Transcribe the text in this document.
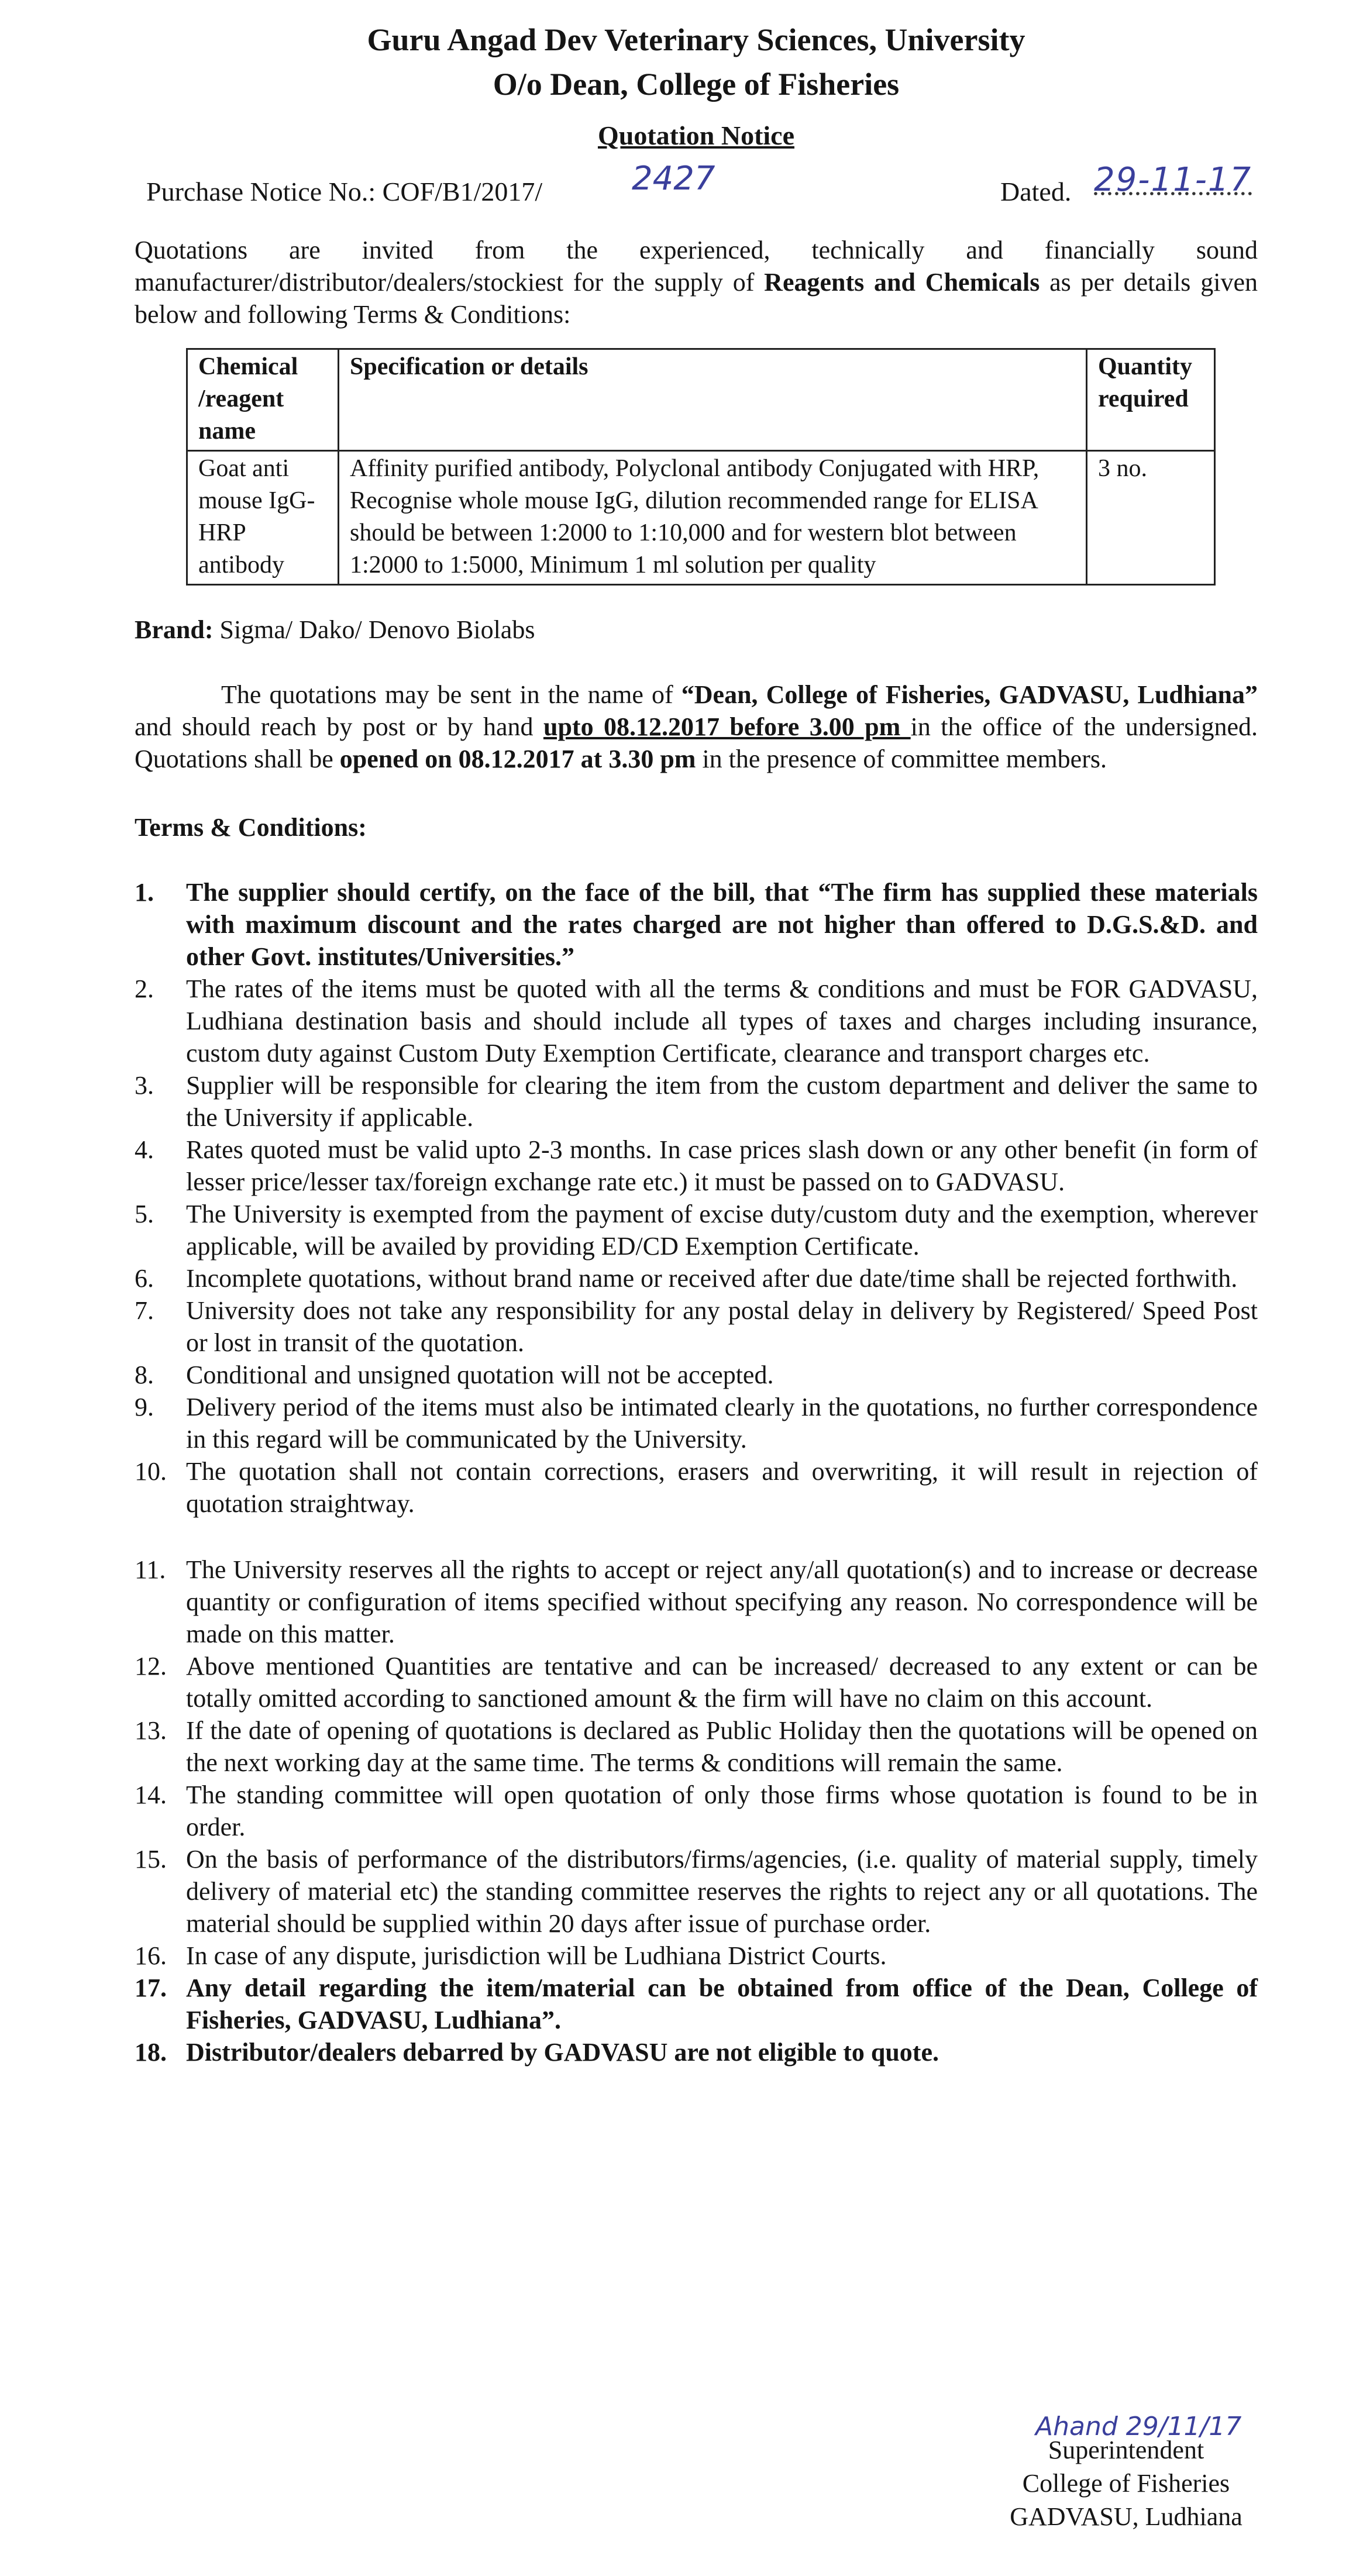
Guru Angad Dev Veterinary Sciences, University
O/o Dean, College of Fisheries
Quotation Notice
Purchase Notice No.: COF/B1/2017/	2427	Dated. 29-11-17

Quotations are invited from the experienced, technically and financially sound manufacturer/distributor/dealers/stockiest for the supply of Reagents and Chemicals as per details given below and following Terms & Conditions:

Chemical /reagent name	Specification or details	Quantity required
Goat anti mouse IgG-HRP antibody	Affinity purified antibody, Polyclonal antibody Conjugated with HRP, Recognise whole mouse IgG, dilution recommended range for ELISA should be between 1:2000 to 1:10,000 and for western blot between 1:2000 to 1:5000, Minimum 1 ml solution per quality	3 no.

Brand: Sigma/ Dako/ Denovo Biolabs

The quotations may be sent in the name of “Dean, College of Fisheries, GADVASU, Ludhiana” and should reach by post or by hand upto 08.12.2017 before 3.00 pm in the office of the undersigned. Quotations shall be opened on 08.12.2017 at 3.30 pm in the presence of committee members.

Terms & Conditions:
1.	The supplier should certify, on the face of the bill, that “The firm has supplied these materials with maximum discount and the rates charged are not higher than offered to D.G.S.&D. and other Govt. institutes/Universities.”
2.	The rates of the items must be quoted with all the terms & conditions and must be FOR GADVASU, Ludhiana destination basis and should include all types of taxes and charges including insurance, custom duty against Custom Duty Exemption Certificate, clearance and transport charges etc.
3.	Supplier will be responsible for clearing the item from the custom department and deliver the same to the University if applicable.
4.	Rates quoted must be valid upto 2-3 months. In case prices slash down or any other benefit (in form of lesser price/lesser tax/foreign exchange rate etc.) it must be passed on to GADVASU.
5.	The University is exempted from the payment of excise duty/custom duty and the exemption, wherever applicable, will be availed by providing ED/CD Exemption Certificate.
6.	Incomplete quotations, without brand name or received after due date/time shall be rejected forthwith.
7.	University does not take any responsibility for any postal delay in delivery by Registered/ Speed Post or lost in transit of the quotation.
8.	Conditional and unsigned quotation will not be accepted.
9.	Delivery period of the items must also be intimated clearly in the quotations, no further correspondence in this regard will be communicated by the University.
10. The quotation shall not contain corrections, erasers and overwriting, it will result in rejection of quotation straightway.
11. The University reserves all the rights to accept or reject any/all quotation(s) and to increase or decrease quantity or configuration of items specified without specifying any reason. No correspondence will be made on this matter.
12. Above mentioned Quantities are tentative and can be increased/ decreased to any extent or can be totally omitted according to sanctioned amount & the firm will have no claim on this account.
13. If the date of opening of quotations is declared as Public Holiday then the quotations will be opened on the next working day at the same time. The terms & conditions will remain the same.
14. The standing committee will open quotation of only those firms whose quotation is found to be in order.
15. On the basis of performance of the distributors/firms/agencies, (i.e. quality of material supply, timely delivery of material etc) the standing committee reserves the rights to reject any or all quotations. The material should be supplied within 20 days after issue of purchase order.
16. In case of any dispute, jurisdiction will be Ludhiana District Courts.
17. Any detail regarding the item/material can be obtained from office of the Dean, College of Fisheries, GADVASU, Ludhiana”.
18. Distributor/dealers debarred by GADVASU are not eligible to quote.
Ahand 29/11/17
Superintendent
College of Fisheries
GADVASU, Ludhiana
